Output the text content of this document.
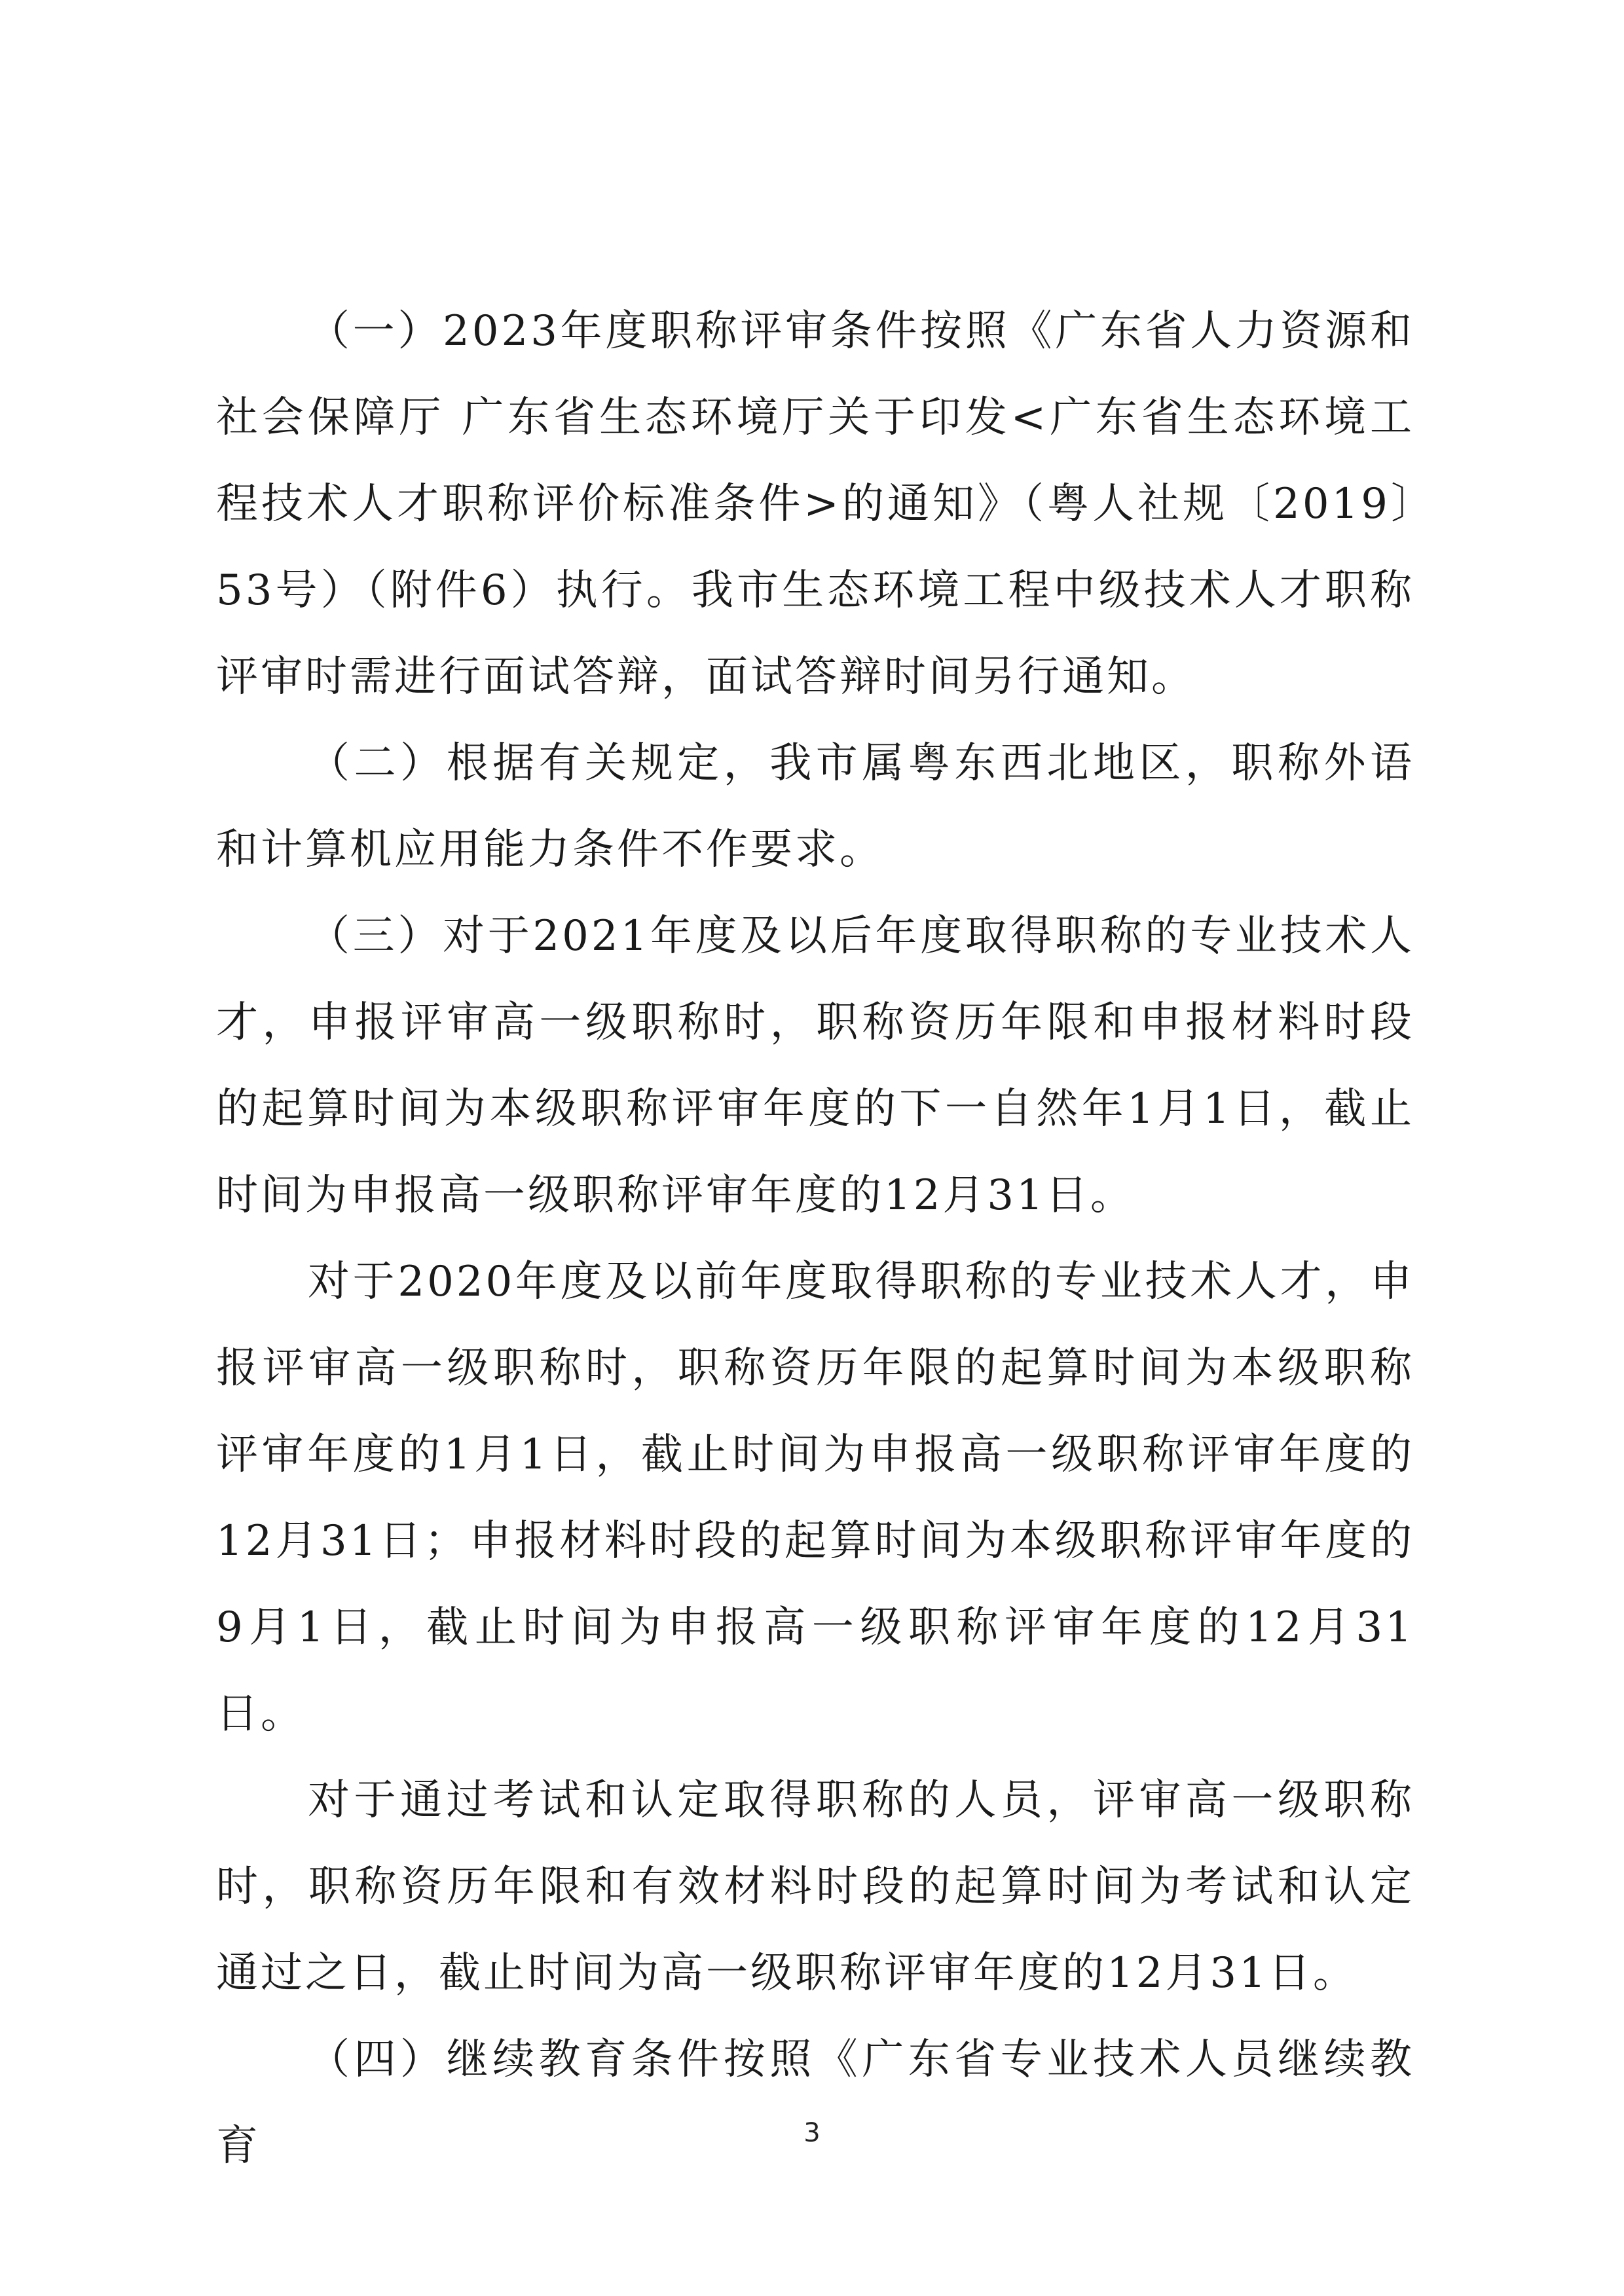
（一）2023年度职称评审条件按照《广东省人力资源和社会保障厅 广东省生态环境厅关于印发<广东省生态环境工程技术人才职称评价标准条件>的通知》（粤人社规〔2019〕53号）（附件6）执行。我市生态环境工程中级技术人才职称评审时需进行面试答辩，面试答辩时间另行通知。

（二）根据有关规定，我市属粤东西北地区，职称外语和计算机应用能力条件不作要求。

（三）对于2021年度及以后年度取得职称的专业技术人才，申报评审高一级职称时，职称资历年限和申报材料时段的起算时间为本级职称评审年度的下一自然年1月1日，截止时间为申报高一级职称评审年度的12月31日。

对于2020年度及以前年度取得职称的专业技术人才，申报评审高一级职称时，职称资历年限的起算时间为本级职称评审年度的1月1日，截止时间为申报高一级职称评审年度的12月31日；申报材料时段的起算时间为本级职称评审年度的9月1日，截止时间为申报高一级职称评审年度的12月31日。

对于通过考试和认定取得职称的人员，评审高一级职称时，职称资历年限和有效材料时段的起算时间为考试和认定通过之日，截止时间为高一级职称评审年度的12月31日。

（四）继续教育条件按照《广东省专业技术人员继续教育	3
